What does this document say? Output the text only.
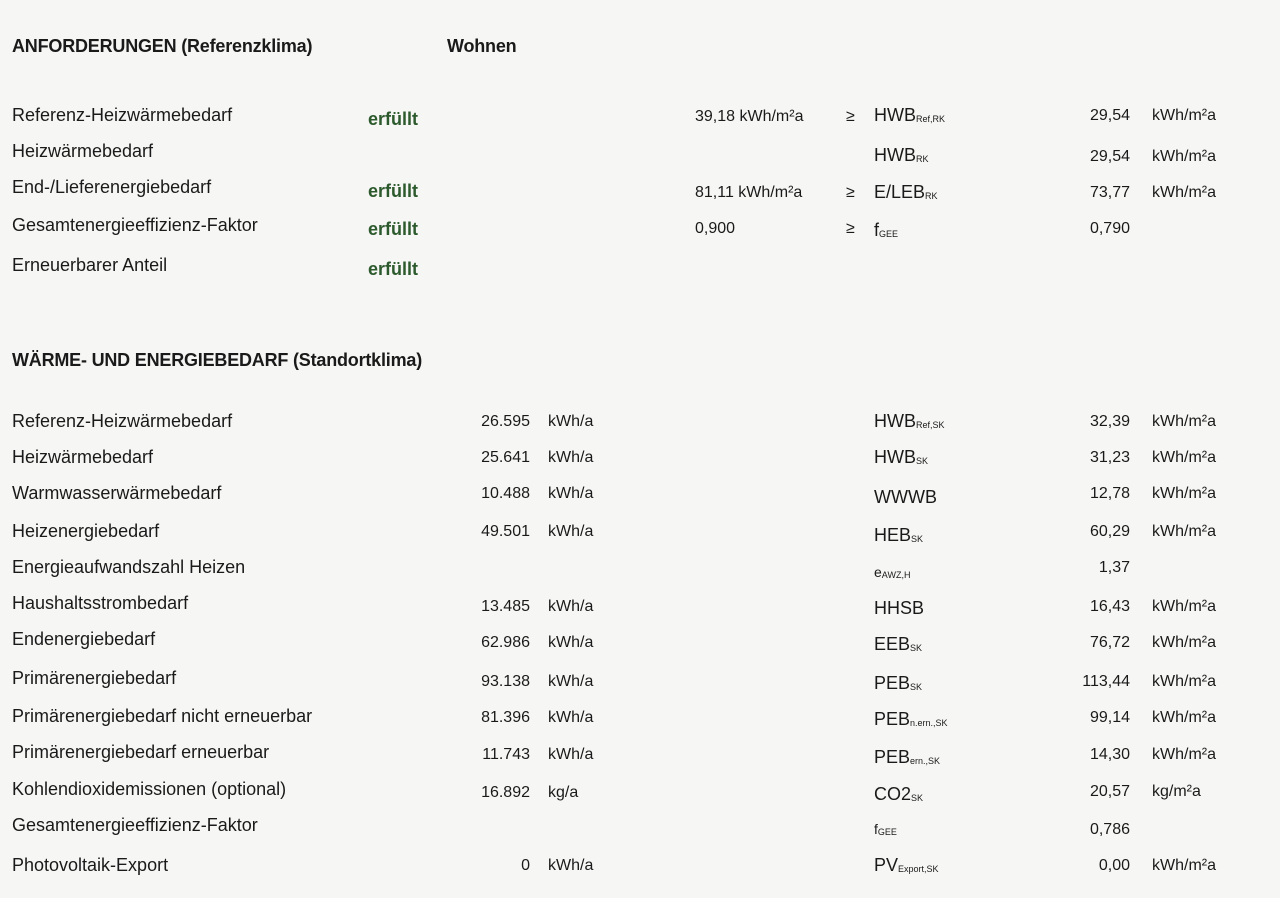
ANFORDERUNGEN (Referenzklima)	Wohnen
Referenz-Heizwärmebedarf	erfüllt	39,18 kWh/m²a	≥ HWBRef,RK	29,54 kWh/m²a
Heizwärmebedarf	HWBRK	29,54 kWh/m²a
End-/Lieferenergiebedarf	erfüllt	81,11 kWh/m²a	≥ E/LEBRK	73,77 kWh/m²a
Gesamtenergieeffizienz-Faktor	erfüllt	0,900	≥ fGEE	0,790
Erneuerbarer Anteil	erfüllt
WÄRME- UND ENERGIEBEDARF (Standortklima)
Referenz-Heizwärmebedarf	26.595 kWh/a	HWBRef,SK	32,39 kWh/m²a
Heizwärmebedarf	25.641 kWh/a	HWBSK	31,23 kWh/m²a
Warmwasserwärmebedarf	10.488 kWh/a	WWWB	12,78 kWh/m²a
Heizenergiebedarf	49.501 kWh/a	HEBSK	60,29 kWh/m²a
Energieaufwandszahl Heizen	eAWZ,H	1,37
Haushaltsstrombedarf	13.485 kWh/a	HHSB	16,43 kWh/m²a
Endenergiebedarf	62.986 kWh/a	EEBSK	76,72 kWh/m²a
Primärenergiebedarf	93.138 kWh/a	PEBSK	113,44 kWh/m²a
Primärenergiebedarf nicht erneuerbar	81.396 kWh/a	PEBn.ern.,SK	99,14 kWh/m²a
Primärenergiebedarf erneuerbar	11.743 kWh/a	PEBern.,SK	14,30 kWh/m²a
Kohlendioxidemissionen (optional)	16.892 kg/a	CO2SK	20,57 kg/m²a
Gesamtenergieeffizienz-Faktor	fGEE	0,786
Photovoltaik-Export	0 kWh/a	PVExport,SK	0,00 kWh/m²a
